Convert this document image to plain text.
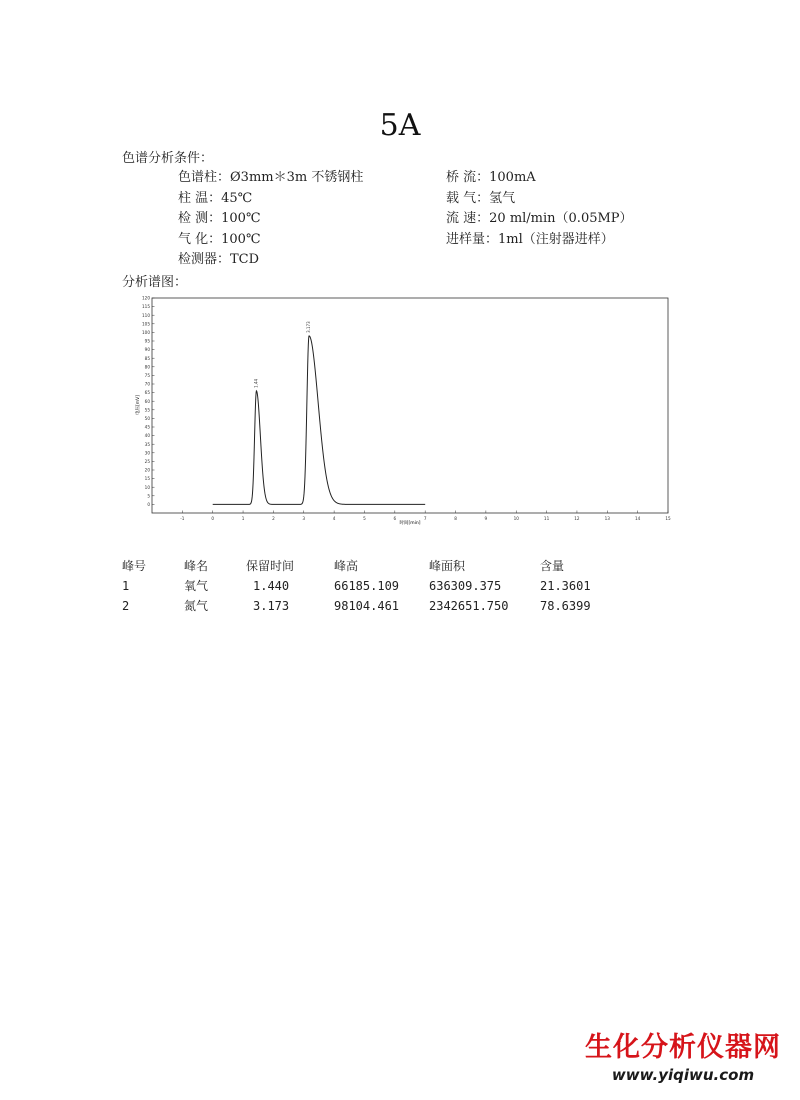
5A
色谱分析条件：
色谱柱：Ø3mm＊3m 不锈钢柱
柱 温：45℃
检 测：100℃
气 化：100℃
检测器：TCD
桥 流：100mA
载 气：氢气
流 速：20 ml/min（0.05MP）
进样量：1ml（注射器进样）
分析谱图：
0
5
10
15
20
25
30
35
40
45
50
55
60
65
70
75
80
85
90
95
100
105
110
115
120
-1	0	1	2	3	4	5	6	7	8	9	10	11	12	13	14	15
1.44
3.173
电压[mV]
时间[min]
峰号	峰名	保留时间	峰高	峰面积	含量
1	氧气	1.440	66185.109 636309.375	21.3601
2	氮气	3.173	98104.461 2342651.750	78.6399
生化分析仪器网
www.yiqiwu.com
